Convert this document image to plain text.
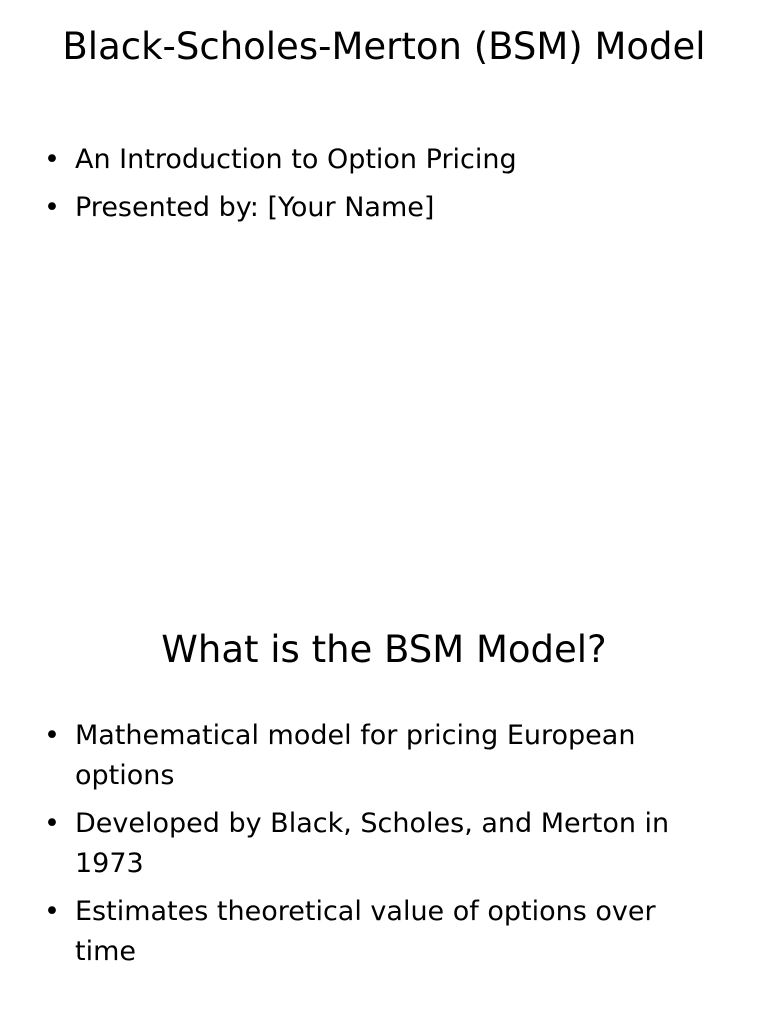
Black-Scholes-Merton (BSM) Model
• An Introduction to Option Pricing
• Presented by: [Your Name]
What is the BSM Model?
• Mathematical model for pricing European options
• Developed by Black, Scholes, and Merton in 1973
• Estimates theoretical value of options over time
